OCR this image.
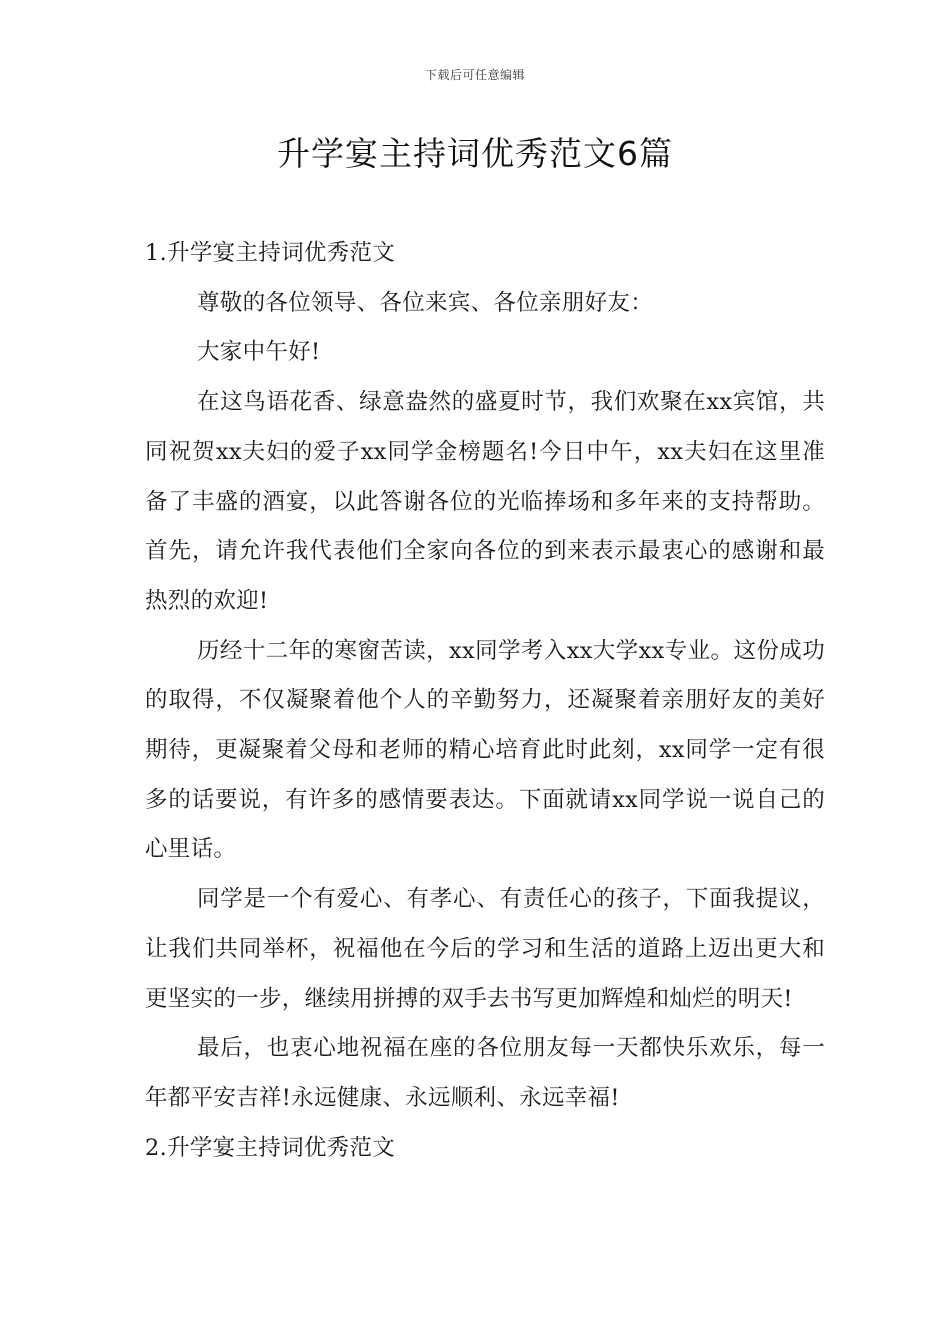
下载后可任意编辑
升学宴主持词优秀范文6篇

1.升学宴主持词优秀范文

尊敬的各位领导、各位来宾、各位亲朋好友：

大家中午好!

在这鸟语花香、绿意盎然的盛夏时节，我们欢聚在xx宾馆，共同祝贺xx夫妇的爱子xx同学金榜题名!今日中午，xx夫妇在这里准备了丰盛的酒宴，以此答谢各位的光临捧场和多年来的支持帮助。首先，请允许我代表他们全家向各位的到来表示最衷心的感谢和最热烈的欢迎!

历经十二年的寒窗苦读，xx同学考入xx大学xx专业。这份成功的取得，不仅凝聚着他个人的辛勤努力，还凝聚着亲朋好友的美好期待，更凝聚着父母和老师的精心培育此时此刻，xx同学一定有很多的话要说，有许多的感情要表达。下面就请xx同学说一说自己的心里话。

同学是一个有爱心、有孝心、有责任心的孩子，下面我提议，让我们共同举杯，祝福他在今后的学习和生活的道路上迈出更大和更坚实的一步，继续用拼搏的双手去书写更加辉煌和灿烂的明天!

最后，也衷心地祝福在座的各位朋友每一天都快乐欢乐，每一年都平安吉祥!永远健康、永远顺利、永远幸福!

2.升学宴主持词优秀范文
